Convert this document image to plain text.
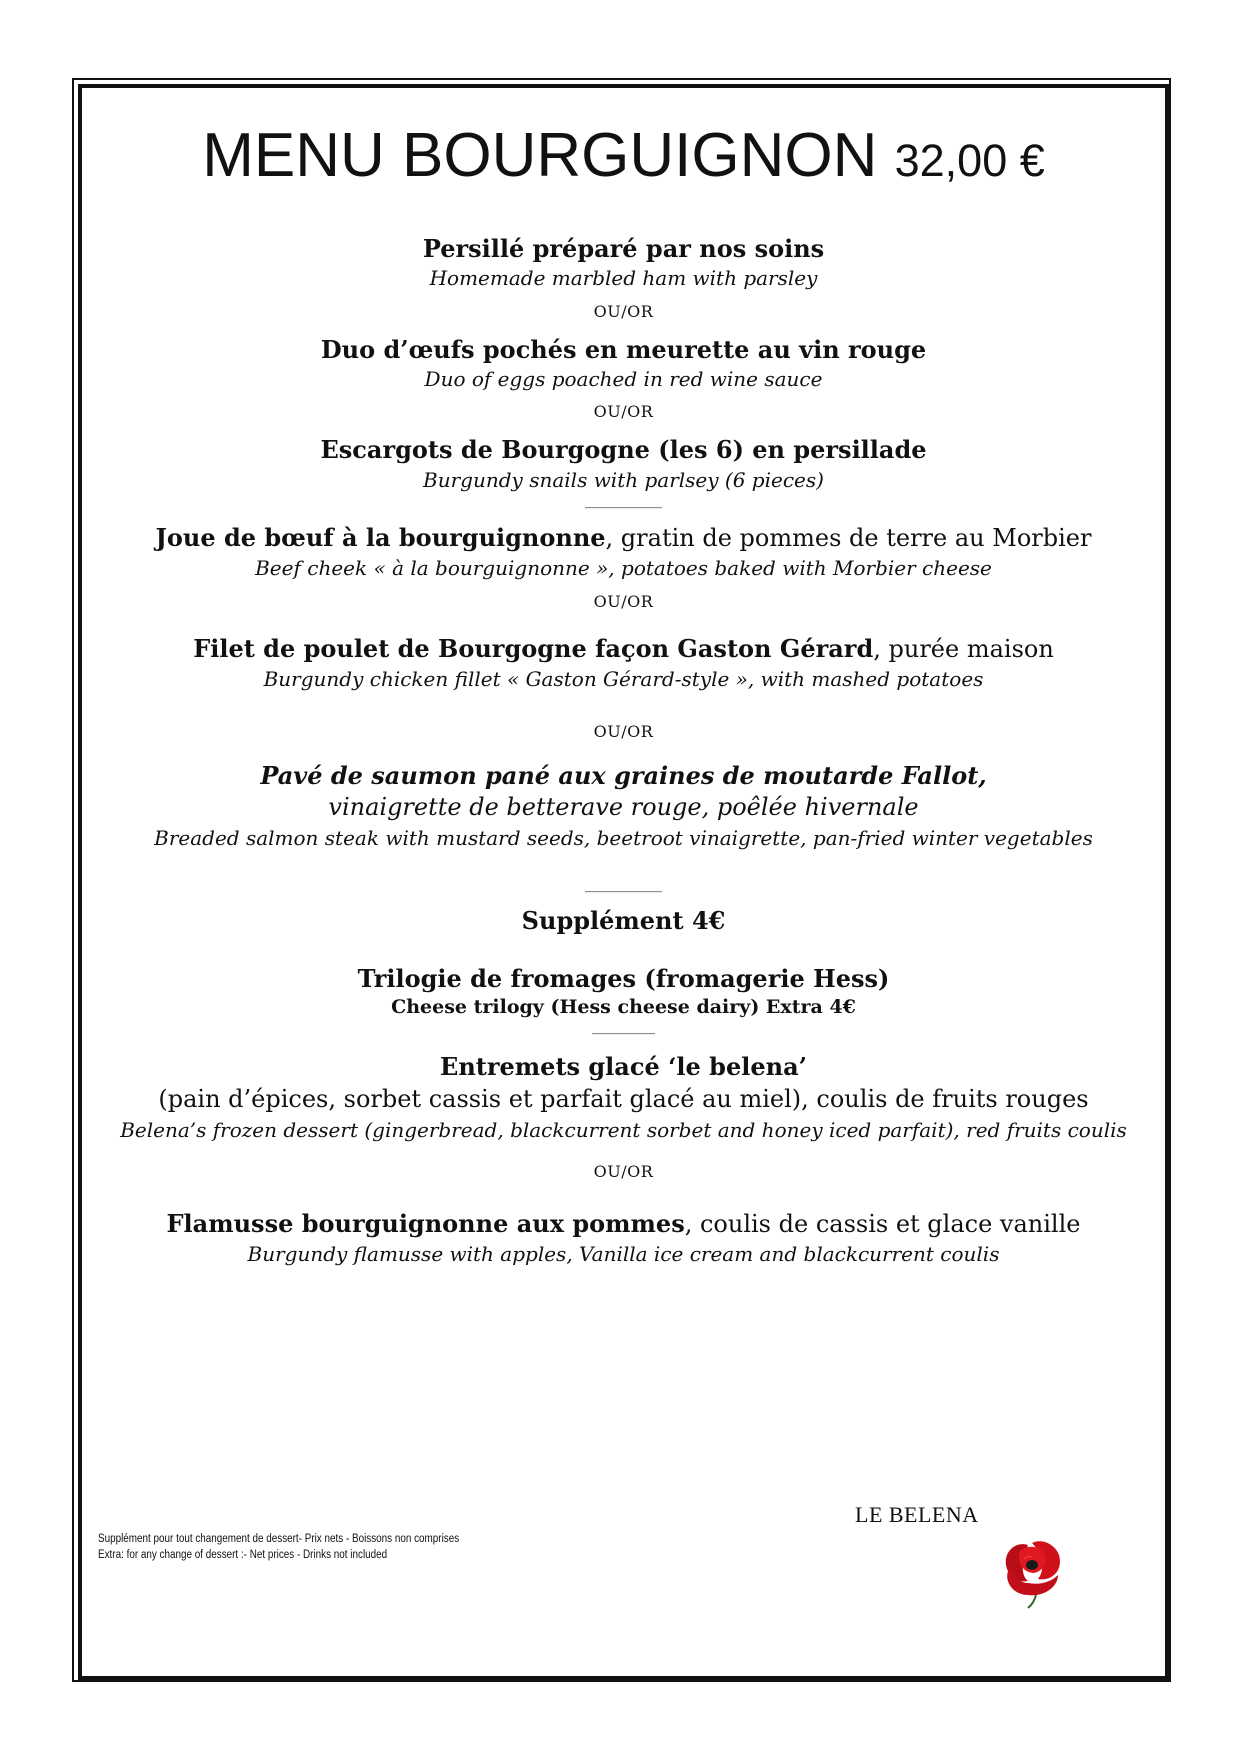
MENU BOURGUIGNON 32,00 €
Persillé préparé par nos soins
Homemade marbled ham with parsley
OU/OR
Duo d’œufs pochés en meurette au vin rouge
Duo of eggs poached in red wine sauce
OU/OR
Escargots de Bourgogne (les 6) en persillade
Burgundy snails with parlsey (6 pieces)
___________
Joue de bœuf à la bourguignonne, gratin de pommes de terre au Morbier
Beef cheek « à la bourguignonne », potatoes baked with Morbier cheese
OU/OR
Filet de poulet de Bourgogne façon Gaston Gérard, purée maison
Burgundy chicken fillet « Gaston Gérard-style », with mashed potatoes
OU/OR
Pavé de saumon pané aux graines de moutarde Fallot,
vinaigrette de betterave rouge, poêlée hivernale
Breaded salmon steak with mustard seeds, beetroot vinaigrette, pan-fried winter vegetables
___________
Supplément 4€
Trilogie de fromages (fromagerie Hess)
Cheese trilogy (Hess cheese dairy) Extra 4€
_________
Entremets glacé ‘le belena’
(pain d’épices, sorbet cassis et parfait glacé au miel), coulis de fruits rouges
Belena’s frozen dessert (gingerbread, blackcurrent sorbet and honey iced parfait), red fruits coulis
OU/OR
Flamusse bourguignonne aux pommes, coulis de cassis et glace vanille
Burgundy flamusse with apples, Vanilla ice cream and blackcurrent coulis
Supplément pour tout changement de dessert- Prix nets - Boissons non comprises
Extra: for any change of dessert :- Net prices - Drinks not included
LE BELENA
